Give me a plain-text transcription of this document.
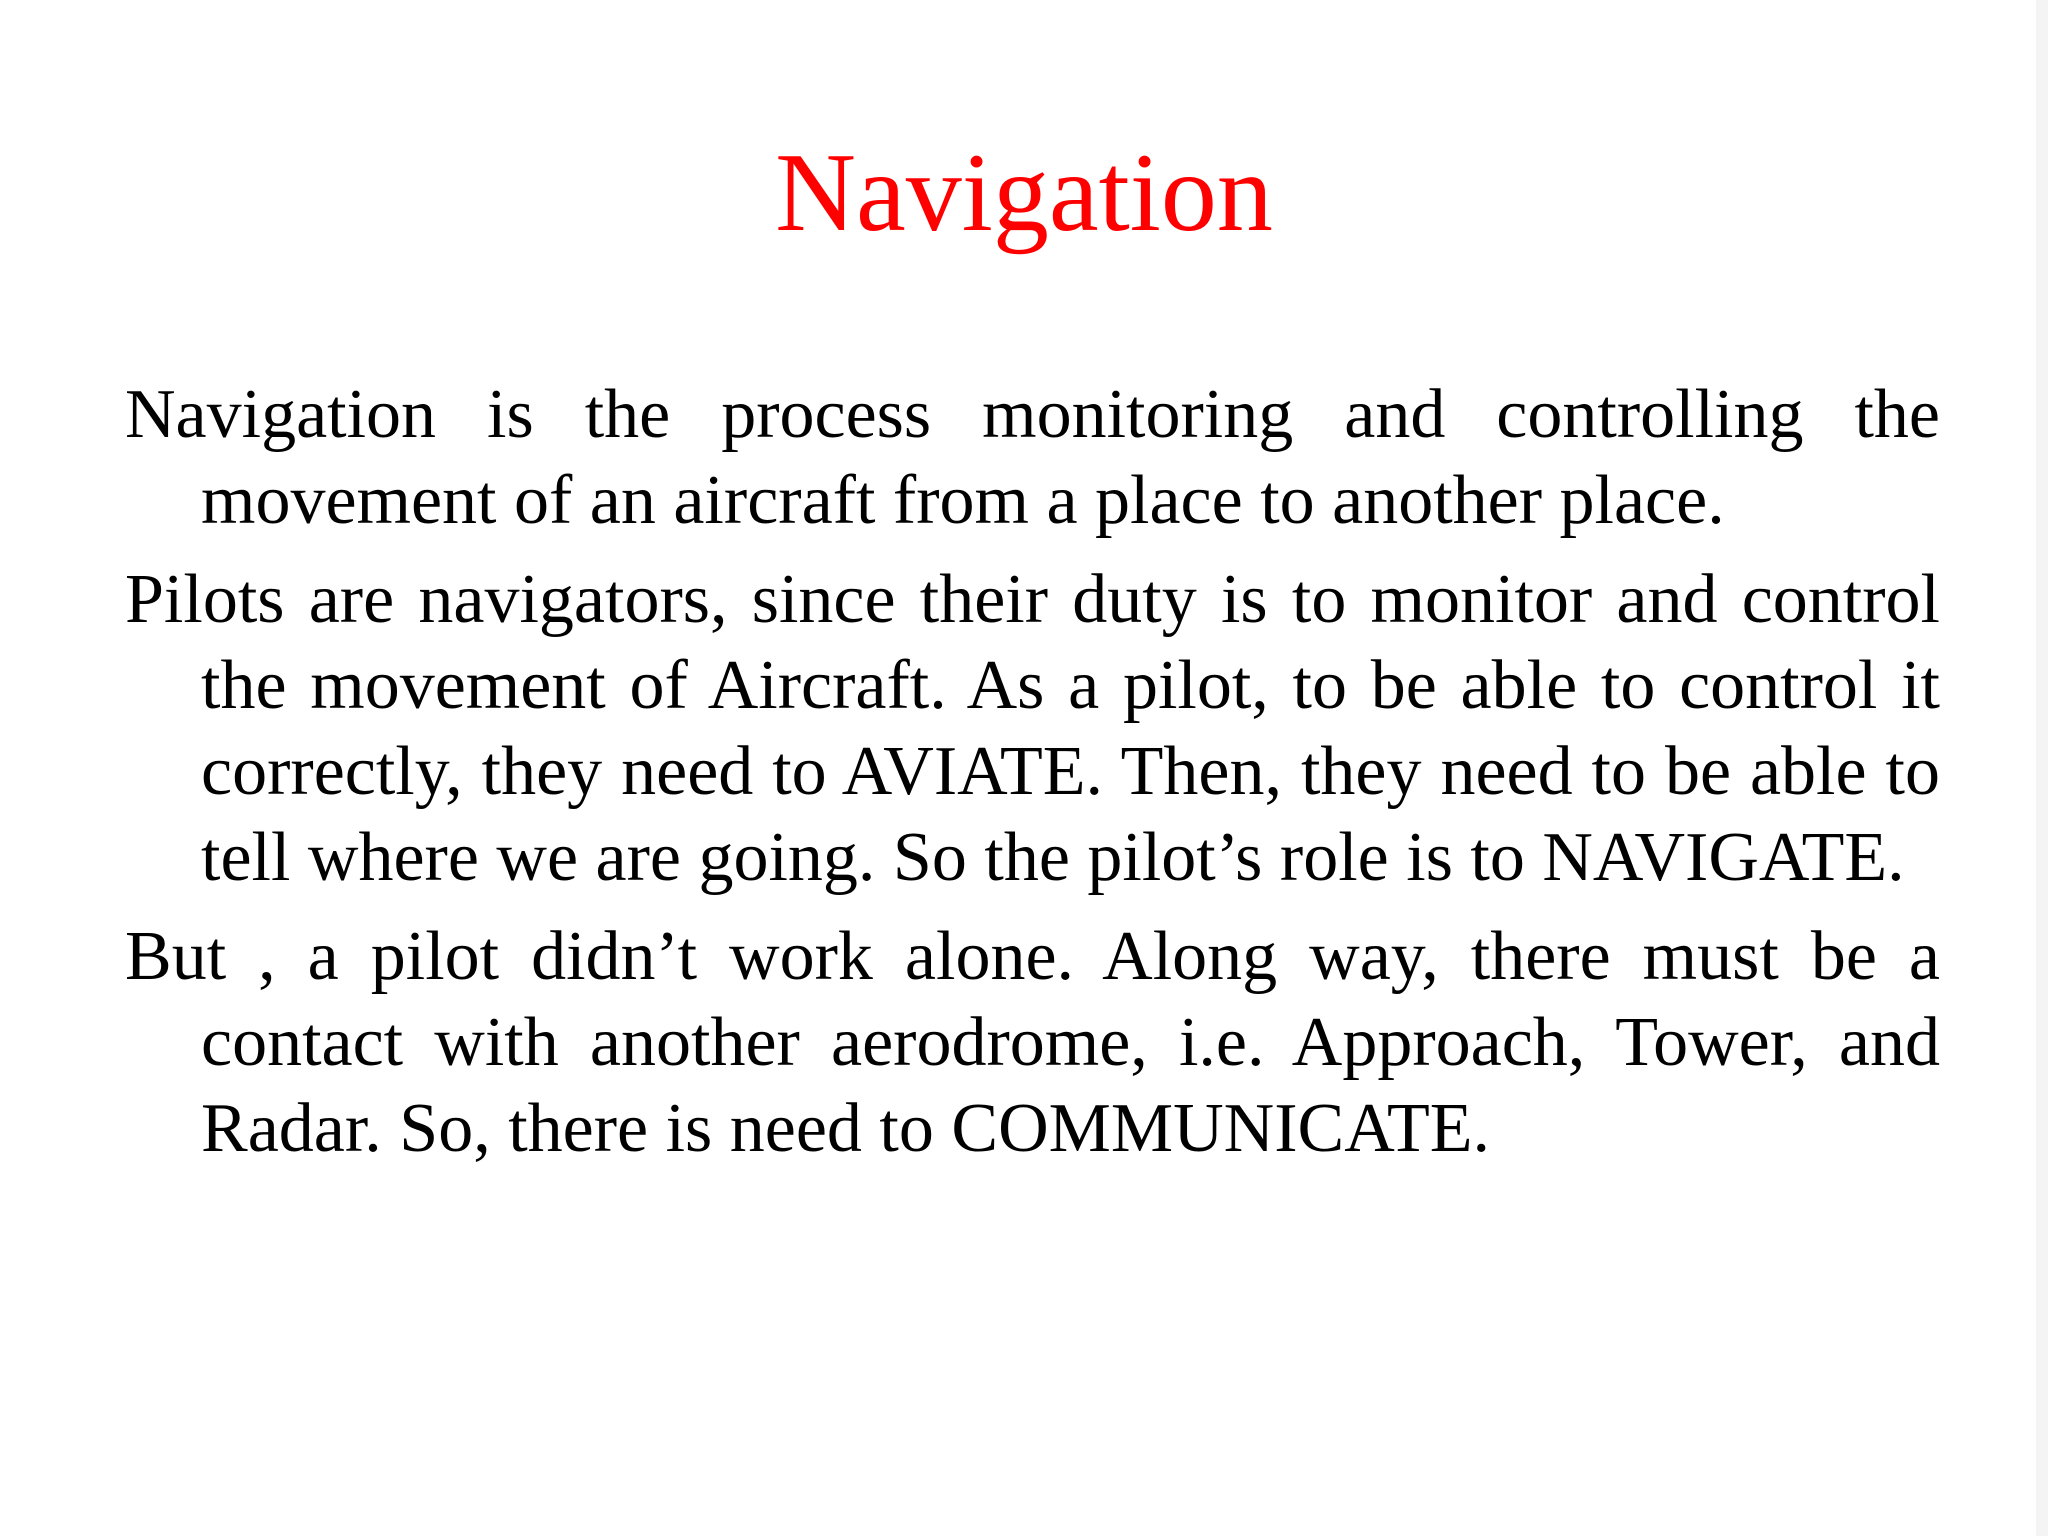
Navigation
Navigation is the process monitoring and controlling the movement of an aircraft from a place to another place.
Pilots are navigators, since their duty is to monitor and control the movement of Aircraft. As a pilot, to be able to control it correctly, they need to AVIATE. Then, they need to be able to tell where we are going. So the pilot’s role is to NAVIGATE.
But , a pilot didn’t work alone. Along way, there must be a contact with another aerodrome, i.e. Approach, Tower, and Radar. So, there is need to COMMUNICATE.
